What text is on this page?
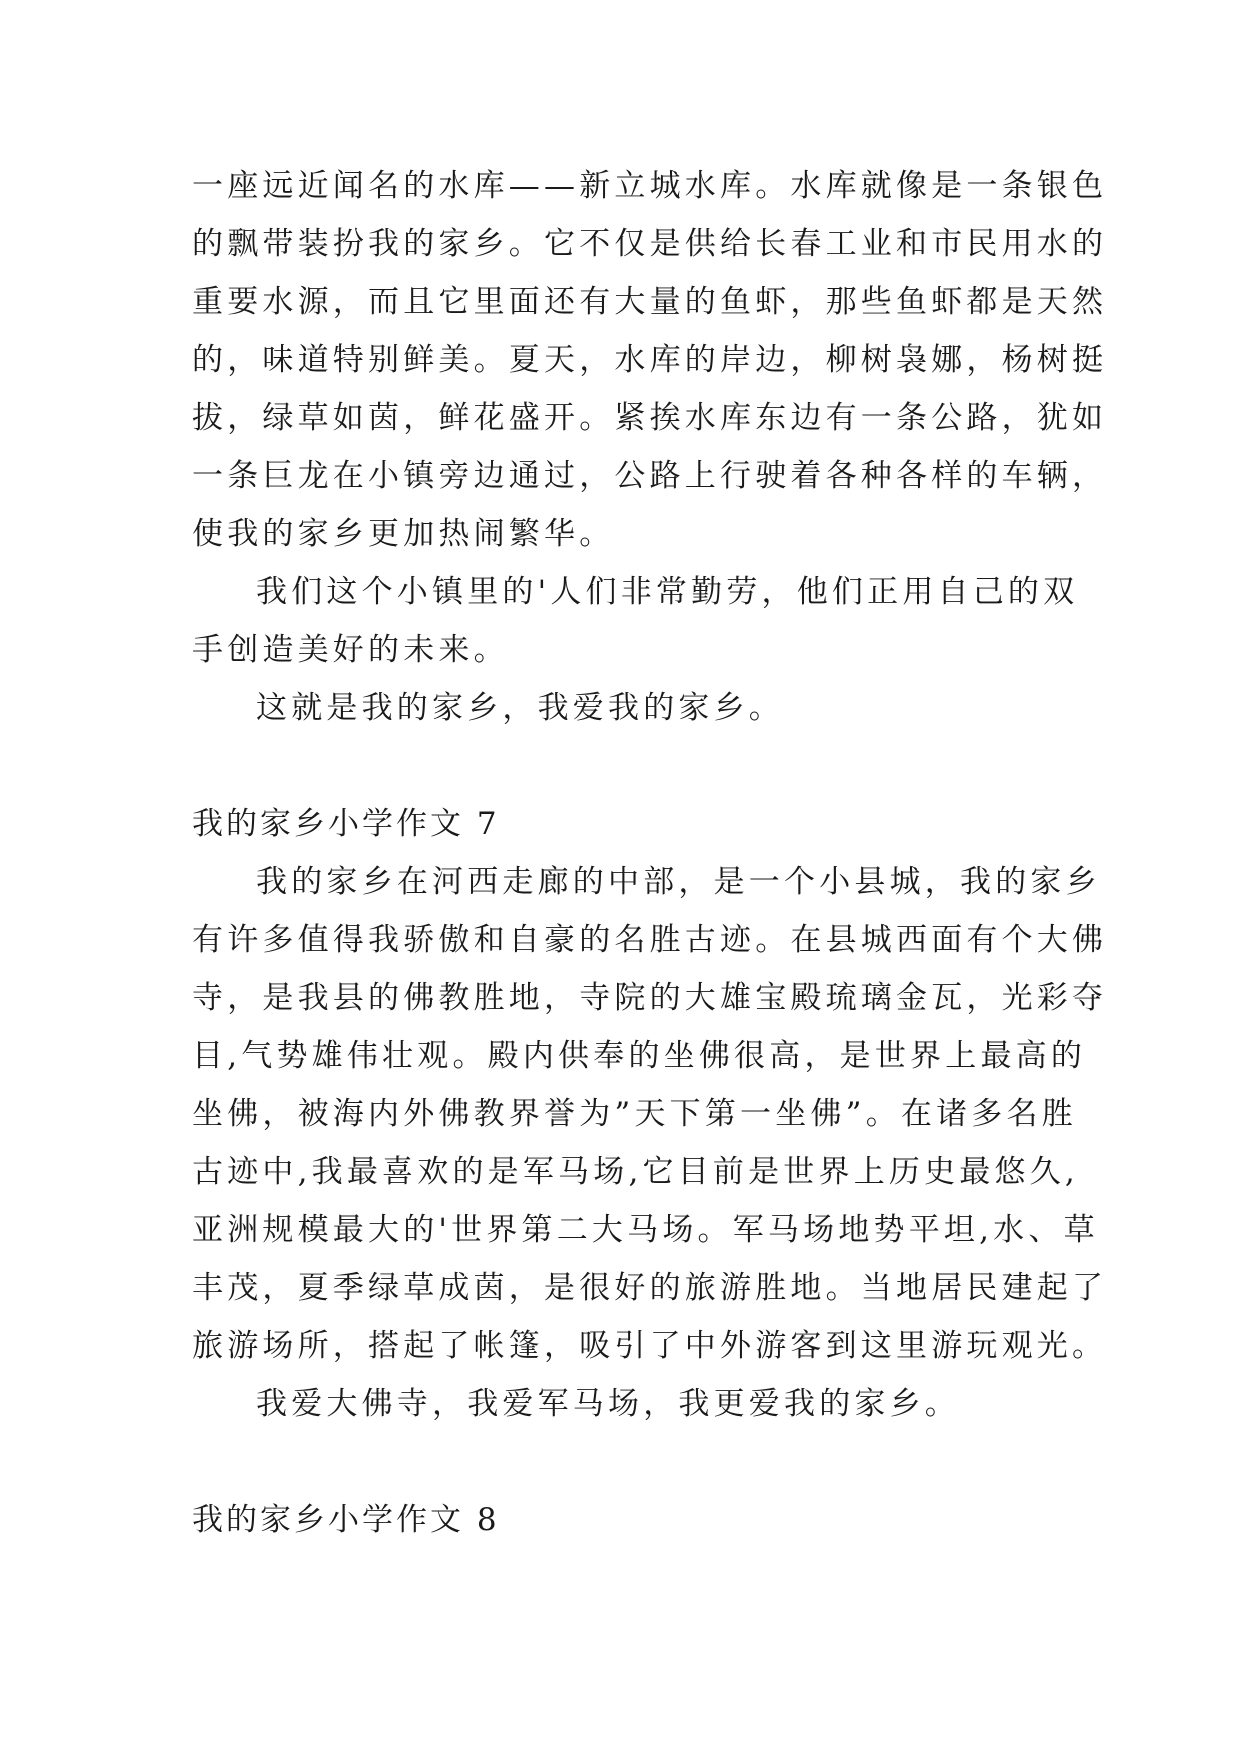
一座远近闻名的水库——新立城水库。水库就像是一条银色
的飘带装扮我的家乡。它不仅是供给长春工业和市民用水的
重要水源，而且它里面还有大量的鱼虾，那些鱼虾都是天然
的，味道特别鲜美。夏天，水库的岸边，柳树袅娜，杨树挺
拔，绿草如茵，鲜花盛开。紧挨水库东边有一条公路，犹如
一条巨龙在小镇旁边通过，公路上行驶着各种各样的车辆，
使我的家乡更加热闹繁华。
我们这个小镇里的'人们非常勤劳，他们正用自己的双
手创造美好的未来。
这就是我的家乡，我爱我的家乡。
我的家乡小学作文 7
我的家乡在河西走廊的中部，是一个小县城，我的家乡
有许多值得我骄傲和自豪的名胜古迹。在县城西面有个大佛
寺，是我县的佛教胜地，寺院的大雄宝殿琉璃金瓦，光彩夺
目,气势雄伟壮观。殿内供奉的坐佛很高，是世界上最高的
坐佛，被海内外佛教界誉为”天下第一坐佛”。在诸多名胜
古迹中,我最喜欢的是军马场,它目前是世界上历史最悠久,
亚洲规模最大的'世界第二大马场。军马场地势平坦,水、草
丰茂，夏季绿草成茵，是很好的旅游胜地。当地居民建起了
旅游场所，搭起了帐篷，吸引了中外游客到这里游玩观光。
我爱大佛寺，我爱军马场，我更爱我的家乡。
我的家乡小学作文 8
